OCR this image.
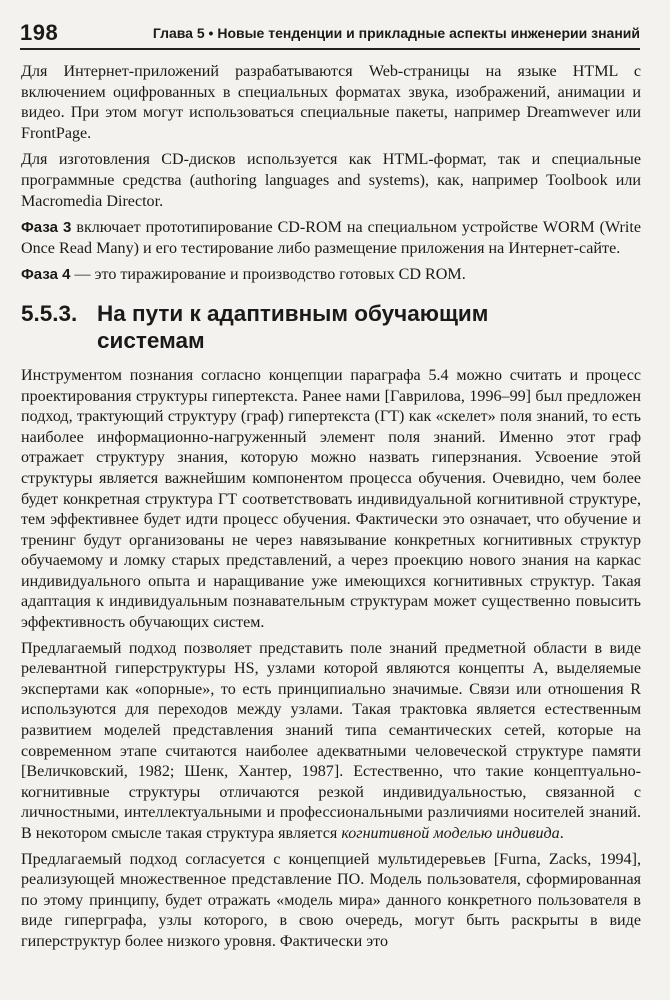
198	Глава 5 • Новые тенденции и прикладные аспекты инженерии знаний

Для Интернет-приложений разрабатываются Web-страницы на языке HTML с включением оцифрованных в специальных форматах звука, изображений, анимации и видео. При этом могут использоваться специальные пакеты, например Dreamwever или FrontPage.

Для изготовления CD-дисков используется как HTML-формат, так и специальные программные средства (authoring languages and systems), как, например Toolbook или Macromedia Director.

Фаза 3 включает прототипирование CD-ROM на специальном устройстве WORM (Write Once Read Many) и его тестирование либо размещение приложения на Интернет-сайте.

Фаза 4 — это тиражирование и производство готовых CD ROM.

5.5.3. На пути к адаптивным обучающим
системам

Инструментом познания согласно концепции параграфа 5.4 можно считать и процесс проектирования структуры гипертекста. Ранее нами [Гаврилова, 1996–99] был предложен подход, трактующий структуру (граф) гипертекста (ГТ) как «скелет» поля знаний, то есть наиболее информационно-нагруженный элемент поля знаний. Именно этот граф отражает структуру знания, которую можно назвать гиперзнания. Усвоение этой структуры является важнейшим компонентом процесса обучения. Очевидно, чем более будет конкретная структура ГТ соответствовать индивидуальной когнитивной структуре, тем эффективнее будет идти процесс обучения. Фактически это означает, что обучение и тренинг будут организованы не через навязывание конкретных когнитивных структур обучаемому и ломку старых представлений, а через проекцию нового знания на каркас индивидуального опыта и наращивание уже имеющихся когнитивных структур. Такая адаптация к индивидуальным познавательным структурам может существенно повысить эффективность обучающих систем.

Предлагаемый подход позволяет представить поле знаний предметной области в виде релевантной гиперструктуры HS, узлами которой являются концепты A, выделяемые экспертами как «опорные», то есть принципиально значимые. Связи или отношения R используются для переходов между узлами. Такая трактовка является естественным развитием моделей представления знаний типа семантических сетей, которые на современном этапе считаются наиболее адекватными человеческой структуре памяти [Величковский, 1982; Шенк, Хантер, 1987]. Естественно, что такие концептуально-когнитивные структуры отличаются резкой индивидуальностью, связанной с личностными, интеллектуальными и профессиональными различиями носителей знаний. В некотором смысле такая структура является когнитивной моделью индивида.

Предлагаемый подход согласуется с концепцией мультидеревьев [Furna, Zacks, 1994], реализующей множественное представление ПО. Модель пользователя, сформированная по этому принципу, будет отражать «модель мира» данного конкретного пользователя в виде гиперграфа, узлы которого, в свою очередь, могут быть раскрыты в виде гиперструктур более низкого уровня. Фактически это
